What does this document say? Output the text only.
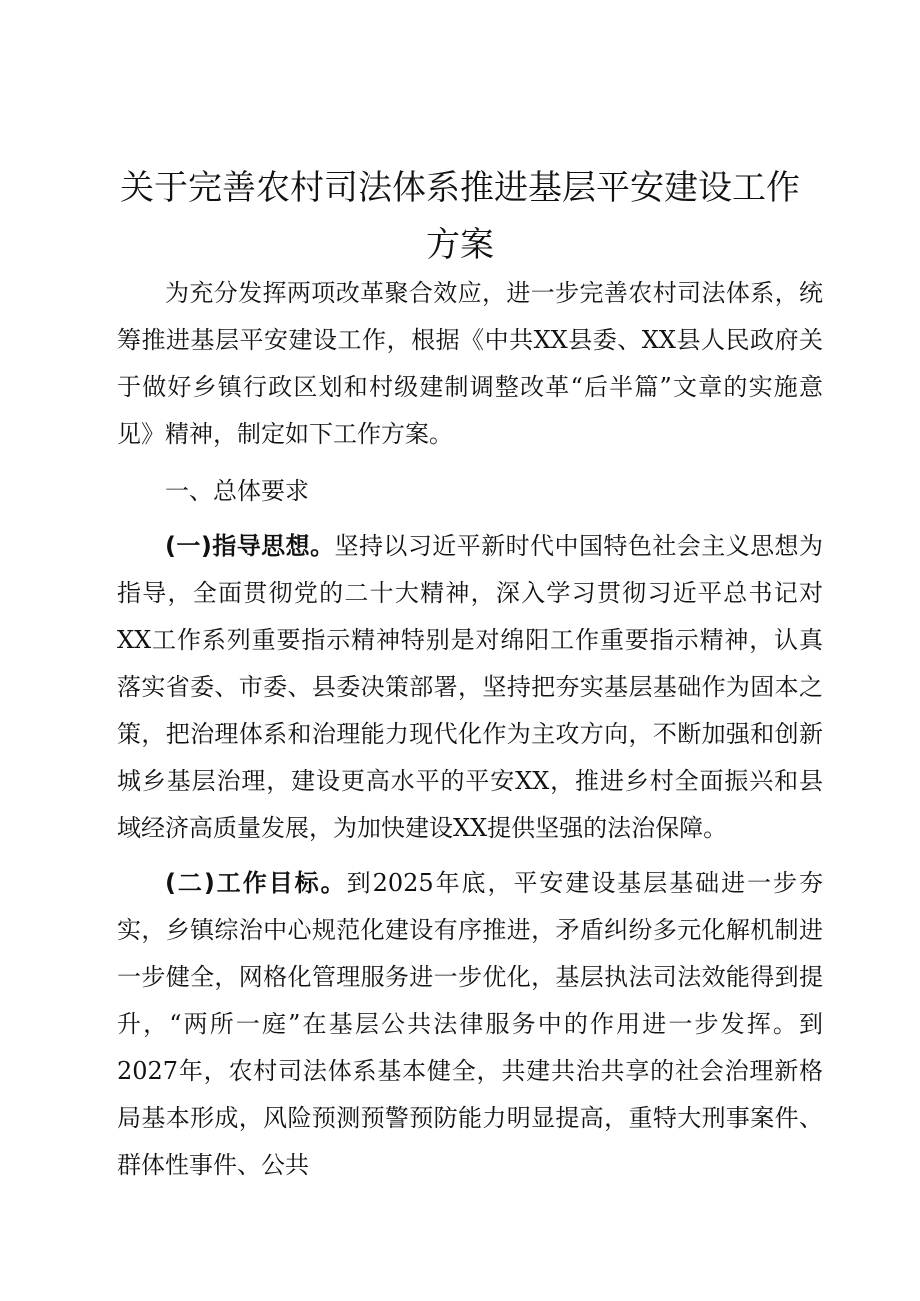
关于完善农村司法体系推进基层平安建设工作
方案

为充分发挥两项改革聚合效应，进一步完善农村司法体系，统筹推进基层平安建设工作，根据《中共XX县委、XX县人民政府关于做好乡镇行政区划和村级建制调整改革“后半篇”文章的实施意见》精神，制定如下工作方案。

一、总体要求

(一)指导思想。坚持以习近平新时代中国特色社会主义思想为指导，全面贯彻党的二十大精神，深入学习贯彻习近平总书记对XX工作系列重要指示精神特别是对绵阳工作重要指示精神，认真落实省委、市委、县委决策部署，坚持把夯实基层基础作为固本之策，把治理体系和治理能力现代化作为主攻方向，不断加强和创新城乡基层治理，建设更高水平的平安XX，推进乡村全面振兴和县域经济高质量发展，为加快建设XX提供坚强的法治保障。

(二)工作目标。到2025年底，平安建设基层基础进一步夯实，乡镇综治中心规范化建设有序推进，矛盾纠纷多元化解机制进一步健全，网格化管理服务进一步优化，基层执法司法效能得到提升，“两所一庭”在基层公共法律服务中的作用进一步发挥。到2027年，农村司法体系基本健全，共建共治共享的社会治理新格局基本形成，风险预测预警预防能力明显提高，重特大刑事案件、群体性事件、公共
